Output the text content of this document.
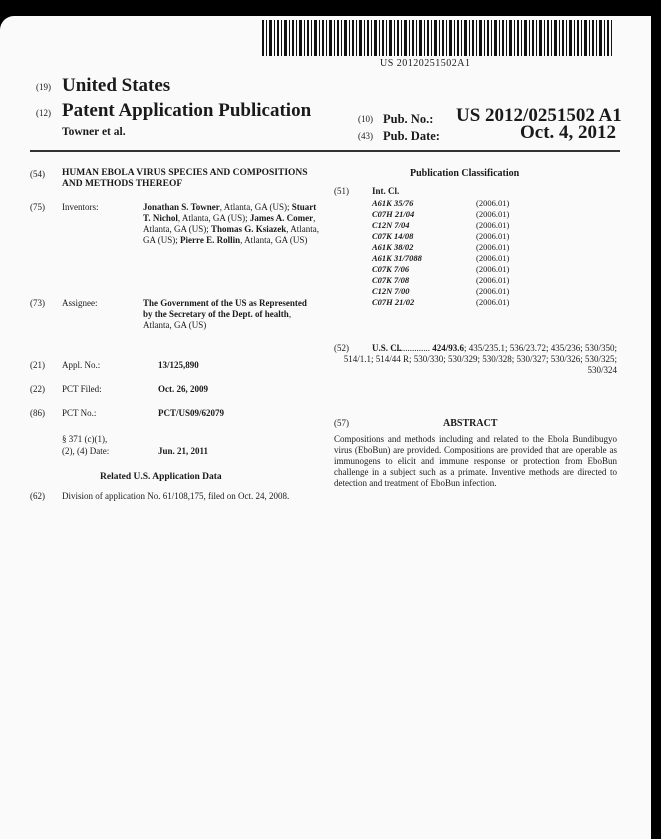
US 20120251502A1
(19) United States
(12) Patent Application Publication
Towner et al.
(10) Pub. No.: US 2012/0251502 A1
(43) Pub. Date:	Oct. 4, 2012
(54) HUMAN EBOLA VIRUS SPECIES AND COMPOSITIONS AND METHODS THEREOF
(75) Inventors:	Jonathan S. Towner, Atlanta, GA (US); Stuart T. Nichol, Atlanta, GA (US); James A. Comer, Atlanta, GA (US); Thomas G. Ksiazek, Atlanta, GA (US); Pierre E. Rollin, Atlanta, GA (US)
(73) Assignee:	The Government of the US as Represented by the Secretary of the Dept. of health, Atlanta, GA (US)
(21) Appl. No.:	13/125,890
(22) PCT Filed:	Oct. 26, 2009
(86) PCT No.:	PCT/US09/62079
§ 371 (c)(1),
(2), (4) Date:	Jun. 21, 2011
Related U.S. Application Data
(62) Division of application No. 61/108,175, filed on Oct. 24, 2008.
Publication Classification
(51)	Int. Cl.
A61K 35/76	(2006.01)
C07H 21/04	(2006.01)
C12N 7/04	(2006.01)
C07K 14/08	(2006.01)
A61K 38/02	(2006.01)
A61K 31/7088	(2006.01)
C07K 7/06	(2006.01)
C07K 7/08	(2006.01)
C12N 7/00	(2006.01)
C07H 21/02	(2006.01)
(52)	U.S. Cl.
................ 424/93.6; 435/235.1; 536/23.72; 435/236; 530/350; 514/1.1; 514/44 R; 530/330; 530/329; 530/328; 530/327; 530/326; 530/325; 530/324
(57)	ABSTRACT
Compositions and methods including and related to the Ebola Bundibugyo virus (EboBun) are provided. Compositions are provided that are operable as immunogens to elicit and immune response or protection from EboBun challenge in a subject such as a primate. Inventive methods are directed to detection and treatment of EboBun infection.
